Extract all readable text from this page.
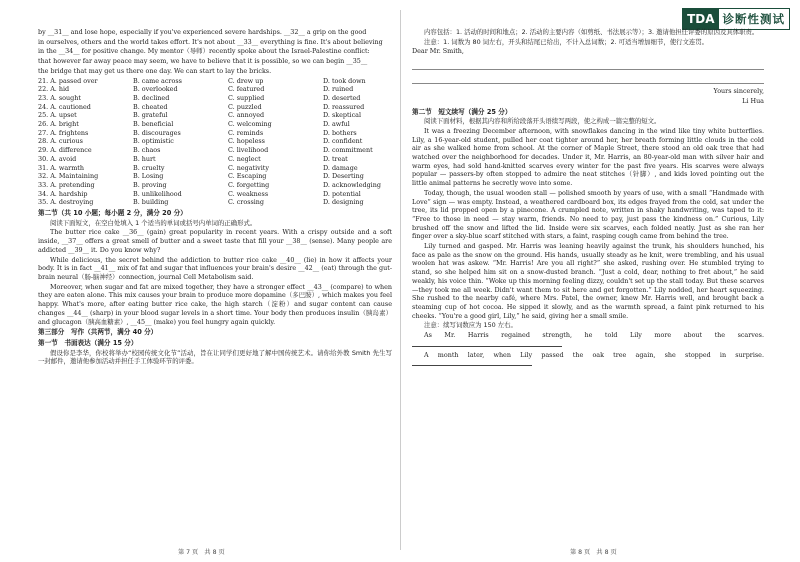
TDA 诊断性测试

by __31__ and lose hope, especially if you've experienced severe hardships. __32__ a grip on the good

in ourselves, others and the world takes effort. It's not about __33__ everything is fine. It's about believing

in the __34__ for positive change. My mentor（导师）recently spoke about the Israel-Palestine conflict:

that however far away peace may seem, we have to believe that it is possible, so we can begin __35__

the bridge that may get us there one day. We can start to lay the bricks.

21. A. passed over	B. came across	C. drew up	D. took down
22. A. hid	B. overlooked	C. featured	D. ruined
23. A. sought	B. declined	C. supplied	D. deserted
24. A. cautioned	B. cheated	C. puzzled	D. reassured
25. A. upset	B. grateful	C. annoyed	D. skeptical
26. A. bright	B. beneficial	C. welcoming	D. awful
27. A. frightens	B. discourages	C. reminds	D. bothers
28. A. curious	B. optimistic	C. hopeless	D. confident
29. A. difference	B. chaos	C. livelihood	D. commitment
30. A. avoid	B. hurt	C. neglect	D. treat
31. A. warmth	B. cruelty	C. negativity	D. damage
32. A. Maintaining	B. Losing	C. Escaping	D. Deserting
33. A. pretending	B. proving	C. forgetting	D. acknowledging
34. A. hardship	B. unlikelihood	C. weakness	D. potential
35. A. destroying	B. building	C. crossing	D. designing
第二节（共 10 小题；每小题 2 分，满分 20 分）

阅读下面短文，在空白处填入 1 个适当的单词或括号内单词的正确形式。

The butter rice cake __36__ (gain) great popularity in recent years. With a crispy outside and a soft inside, __37__ offers a great smell of butter and a sweet taste that fill your __38__ (sense). Many people are addicted __39__ it. Do you know why?

While delicious, the secret behind the addiction to butter rice cake __40__ (lie) in how it affects your body. It is in fact __41__ mix of fat and sugar that influences your brain's desire __42__ (eat) through the gut-brain neural（肠-脑神经）connection, journal Cell Metabolism said.

Moreover, when sugar and fat are mixed together, they have a stronger effect __43__ (compare) to when they are eaten alone. This mix causes your brain to produce more dopamine（多巴胺）, which makes you feel happy. What's more, after eating butter rice cake, the high starch（淀粉）and sugar content can cause changes __44__ (sharp) in your blood sugar levels in a short time. Your body then produces insulin（胰岛素）and glucagon（胰高血糖素）, __45__ (make) you feel hungry again quickly.

第三部分　写作（共两节，满分 40 分）
第一节　书面表达（满分 15 分）

假设你是李华，你校将举办“校园传统文化节”活动，旨在让同学们更好地了解中国传统艺术。请你给外教 Smith 先生写一封邮件，邀请他参加活动并担任手工体验环节的评委。

第 7 页　共 8 页

内容包括：1. 活动的时间和地点；2. 活动的主要内容（如剪纸、书法展示等）；3. 邀请他担任评委的原因及具体职责。

注意：1. 词数为 80 词左右，开头和结尾已给出，不计入总词数；2. 可适当增加细节，使行文连贯。

Dear Mr. Smith,

Yours sincerely,

Li Hua

第二节　短文续写（满分 25 分）

阅读下面材料，根据其内容和所给段落开头语续写两段，使之构成一篇完整的短文。

It was a freezing December afternoon, with snowflakes dancing in the wind like tiny white butterflies. Lily, a 16-year-old student, pulled her coat tighter around her, her breath forming little clouds in the cold air as she walked home from school. At the corner of Maple Street, there stood an old oak tree that had watched over the neighborhood for decades. Under it, Mr. Harris, an 80-year-old man with silver hair and warm eyes, had sold hand-knitted scarves every winter for the past five years. His scarves were always popular — passers-by often stopped to admire the neat stitches（针脚）, and kids loved pointing out the little animal patterns he secretly wove into some.

Today, though, the usual wooden stall — polished smooth by years of use, with a small “Handmade with Love” sign — was empty. Instead, a weathered cardboard box, its edges frayed from the cold, sat under the tree, its lid propped open by a pinecone. A crumpled note, written in shaky handwriting, was taped to it: “Free to those in need — stay warm, friends. No need to pay, just pass the kindness on.” Curious, Lily brushed off the snow and lifted the lid. Inside were six scarves, each folded neatly. Just as she ran her finger over a sky-blue scarf stitched with stars, a faint, rasping cough came from behind the tree.

Lily turned and gasped. Mr. Harris was leaning heavily against the trunk, his shoulders hunched, his face as pale as the snow on the ground. His hands, usually steady as he knit, were trembling, and his usual woolen hat was askew. “Mr. Harris! Are you all right?” she asked, rushing over. He stumbled trying to stand, so she helped him sit on a snow-dusted branch. “Just a cold, dear, nothing to fret about,” he said weakly, his voice thin. “Woke up this morning feeling dizzy, couldn't set up the stall today. But these scarves—they took me all week. Didn't want them to sit here and get forgotten.” Lily nodded, her heart squeezing. She rushed to the nearby café, where Mrs. Patel, the owner, knew Mr. Harris well, and brought back a steaming cup of hot cocoa. He sipped it slowly, and as the warmth spread, a faint pink returned to his cheeks. “You're a good girl, Lily,” he said, giving her a small smile.

注意：续写词数应为 150 左右。

As Mr. Harris regained strength, he told Lily more about the scarves.

A month later, when Lily passed the oak tree again, she stopped in surprise.

第 8 页　共 8 页
